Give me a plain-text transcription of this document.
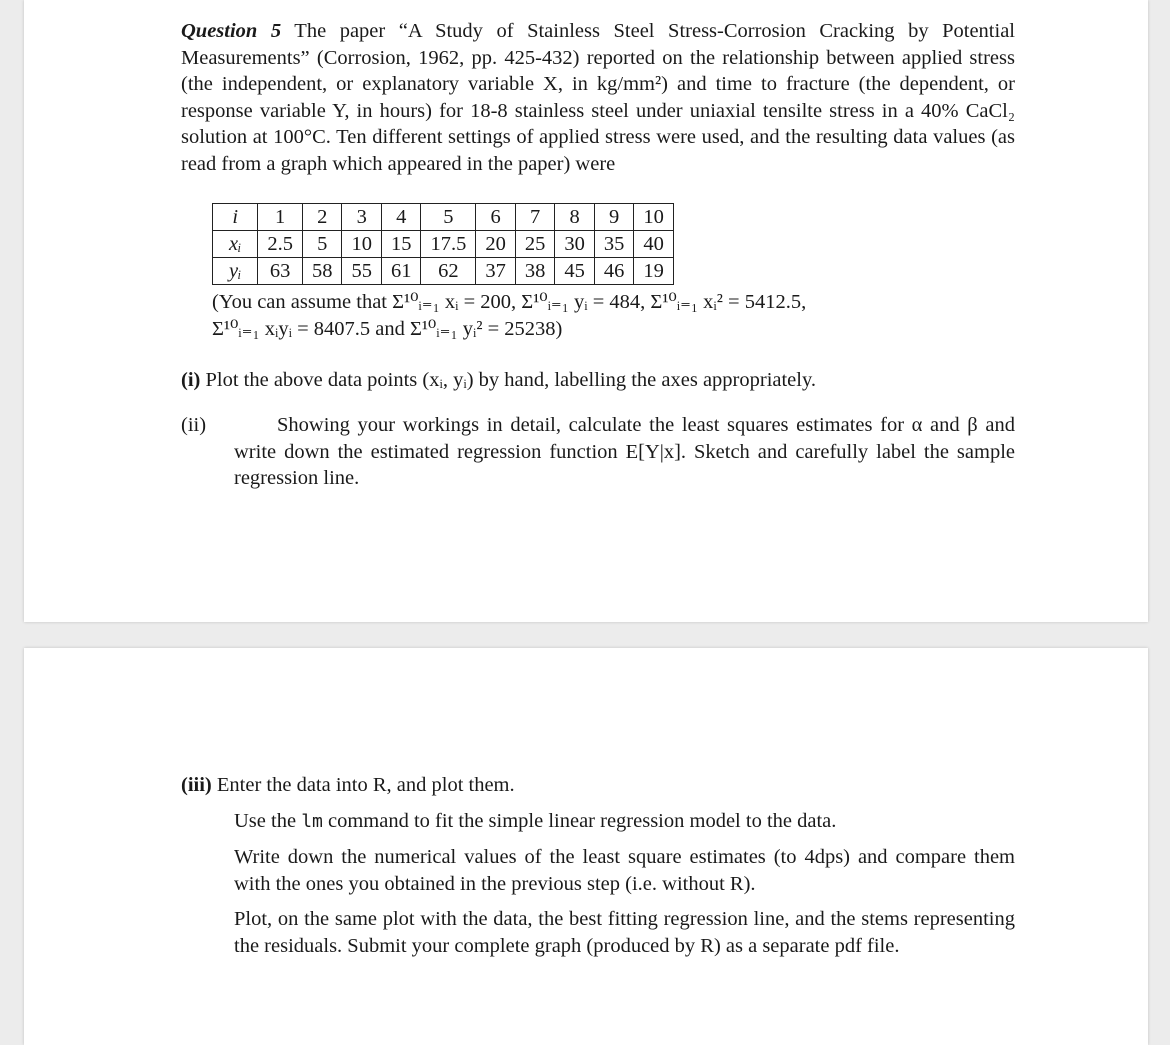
Question 5 The paper “A Study of Stainless Steel Stress-Corrosion Cracking by Potential Measurements” (Corrosion, 1962, pp. 425-432) reported on the relationship between applied stress (the independent, or explanatory variable X, in kg/mm²) and time to fracture (the dependent, or response variable Y, in hours) for 18-8 stainless steel under uniaxial tensilte stress in a 40% CaCl₂ solution at 100°C. Ten different settings of applied stress were used, and the resulting data values (as read from a graph which appeared in the paper) were
i	1	2	3	4	5	6	7	8	9	10
xᵢ	2.5	5	10	15	17.5	20	25	30	35	40
yᵢ	63	58	55	61	62	37	38	45	46	19
(You can assume that Σ¹⁰ᵢ₌₁ xᵢ = 200, Σ¹⁰ᵢ₌₁ yᵢ = 484, Σ¹⁰ᵢ₌₁ xᵢ² = 5412.5,
Σ¹⁰ᵢ₌₁ xᵢyᵢ = 8407.5 and Σ¹⁰ᵢ₌₁ yᵢ² = 25238)
(i) Plot the above data points (xᵢ, yᵢ) by hand, labelling the axes appropriately.
(ii)	Showing your workings in detail, calculate the least squares estimates for α and β and write down the estimated regression function E[Y|x]. Sketch and carefully label the sample regression line.
(iii) Enter the data into R, and plot them.
Use the lm command to fit the simple linear regression model to the data.
Write down the numerical values of the least square estimates (to 4dps) and compare them with the ones you obtained in the previous step (i.e. without R).
Plot, on the same plot with the data, the best fitting regression line, and the stems representing the residuals. Submit your complete graph (produced by R) as a separate pdf file.
